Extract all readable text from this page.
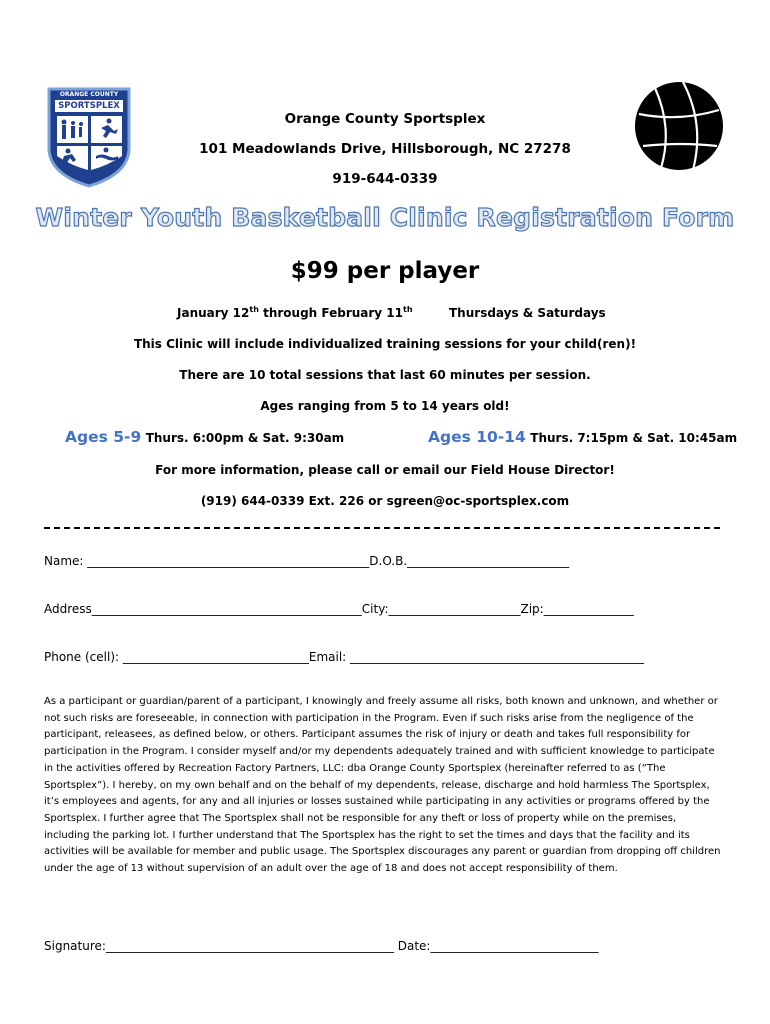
ORANGE COUNTY
SPORTSPLEX
Orange County Sportsplex
101 Meadowlands Drive, Hillsborough, NC 27278
919-644-0339
Winter Youth Basketball Clinic Registration Form
$99 per player
January 12th through February 11th	Thursdays & Saturdays
This Clinic will include individualized training sessions for your child(ren)!
There are 10 total sessions that last 60 minutes per session.
Ages ranging from 5 to 14 years old!
Ages 5-9 Thurs. 6:00pm & Sat. 9:30am	Ages 10-14 Thurs. 7:15pm & Sat. 10:45am
For more information, please call or email our Field House Director!
(919) 644-0339 Ext. 226 or sgreen@oc-sportsplex.com
Name: _______________________________________________D.O.B.___________________________
Address_____________________________________________City:______________________Zip:_______________
Phone (cell): _______________________________Email: _________________________________________________
As a participant or guardian/parent of a participant, I knowingly and freely assume all risks, both known and unknown, and whether or not such risks are foreseeable, in connection with participation in the Program. Even if such risks arise from the negligence of the participant, releasees, as defined below, or others. Participant assumes the risk of injury or death and takes full responsibility for participation in the Program. I consider myself and/or my dependents adequately trained and with sufficient knowledge to participate in the activities offered by Recreation Factory Partners, LLC: dba Orange County Sportsplex (hereinafter referred to as (“The Sportsplex”). I hereby, on my own behalf and on the behalf of my dependents, release, discharge and hold harmless The Sportsplex, it’s employees and agents, for any and all injuries or losses sustained while participating in any activities or programs offered by the Sportsplex. I further agree that The Sportsplex shall not be responsible for any theft or loss of property while on the premises, including the parking lot. I further understand that The Sportsplex has the right to set the times and days that the facility and its activities will be available for member and public usage. The Sportsplex discourages any parent or guardian from dropping off children under the age of 13 without supervision of an adult over the age of 18 and does not accept responsibility of them.
Signature:________________________________________________ Date:____________________________
